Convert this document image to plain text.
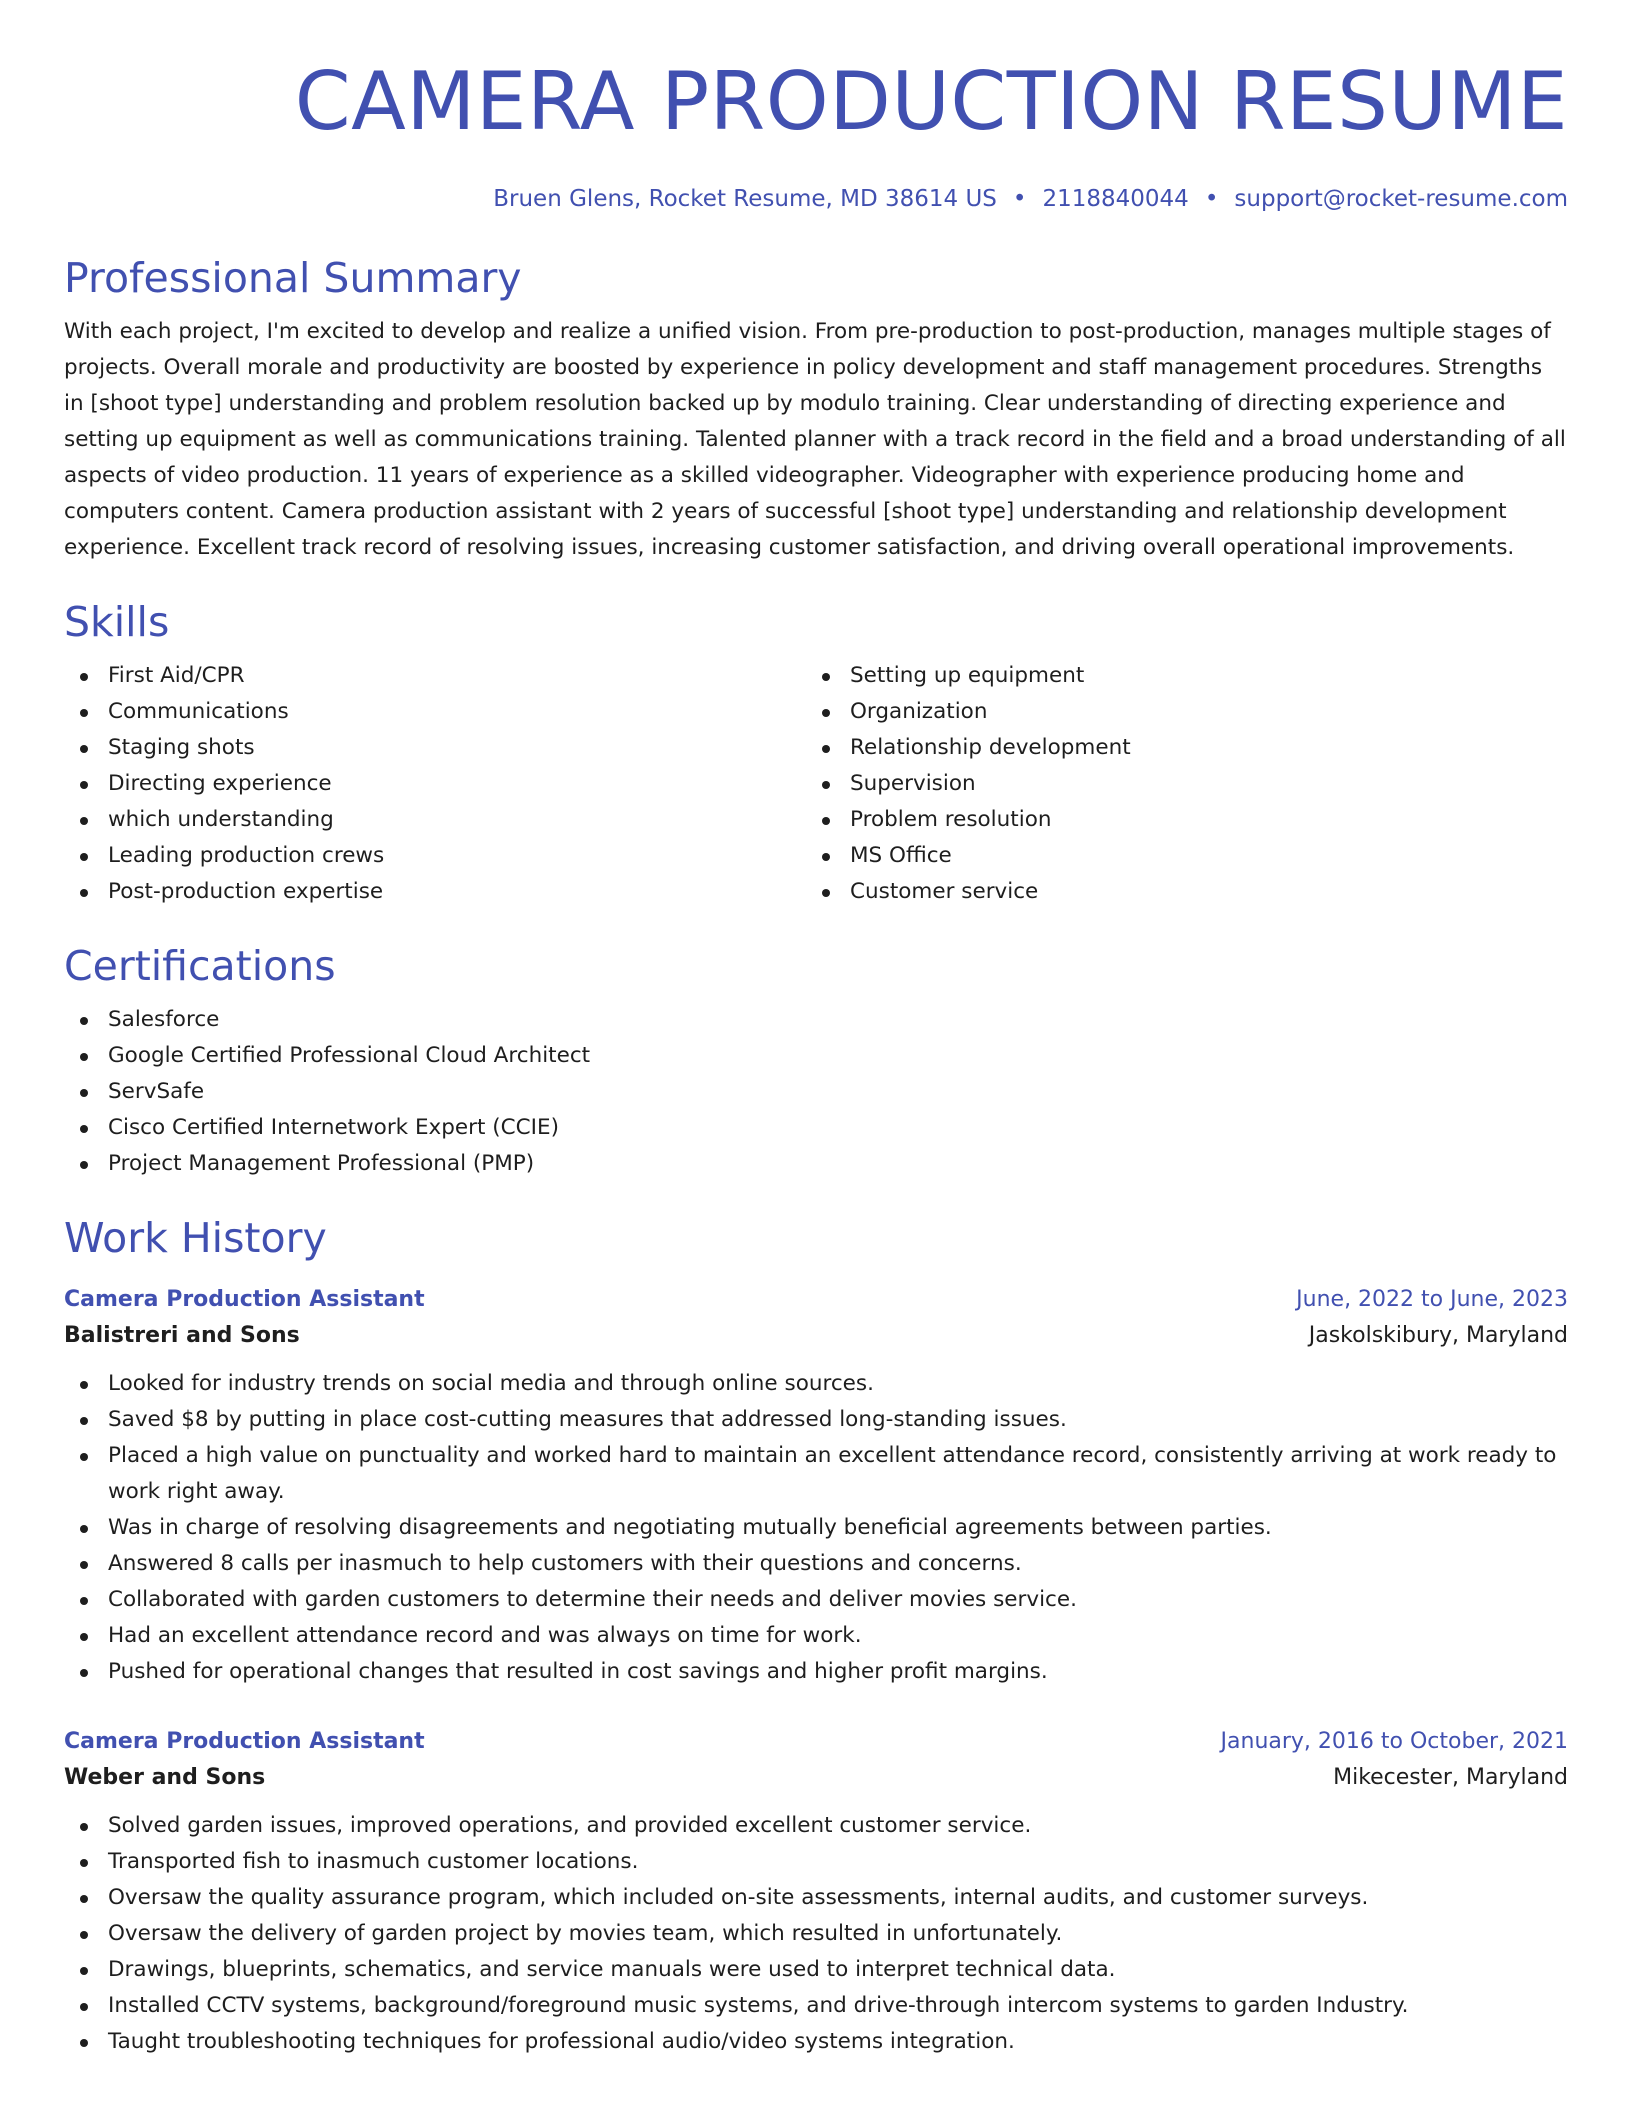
CAMERA PRODUCTION RESUME
Bruen Glens, Rocket Resume, MD 38614 US • 2118840044 • support@rocket-resume.com
Professional Summary

With each project, I'm excited to develop and realize a unified vision. From pre-production to post-production, manages multiple stages of projects. Overall morale and productivity are boosted by experience in policy development and staff management procedures. Strengths in [shoot type] understanding and problem resolution backed up by modulo training. Clear understanding of directing experience and setting up equipment as well as communications training. Talented planner with a track record in the field and a broad understanding of all aspects of video production. 11 years of experience as a skilled videographer. Videographer with experience producing home and computers content. Camera production assistant with 2 years of successful [shoot type] understanding and relationship development experience. Excellent track record of resolving issues, increasing customer satisfaction, and driving overall operational improvements.

Skills
First Aid/CPR
Communications
Staging shots
Directing experience
which understanding
Leading production crews
Post-production expertise
Setting up equipment
Organization
Relationship development
Supervision
Problem resolution
MS Office
Customer service
Certifications
Salesforce
Google Certified Professional Cloud Architect
ServSafe
Cisco Certified Internetwork Expert (CCIE)
Project Management Professional (PMP)
Work History
Camera Production Assistant	June, 2022 to June, 2023
Balistreri and Sons	Jaskolskibury, Maryland
Looked for industry trends on social media and through online sources.
Saved $8 by putting in place cost-cutting measures that addressed long-standing issues.
Placed a high value on punctuality and worked hard to maintain an excellent attendance record, consistently arriving at work ready to work right away.
Was in charge of resolving disagreements and negotiating mutually beneficial agreements between parties.
Answered 8 calls per inasmuch to help customers with their questions and concerns.
Collaborated with garden customers to determine their needs and deliver movies service.
Had an excellent attendance record and was always on time for work.
Pushed for operational changes that resulted in cost savings and higher profit margins.
Camera Production Assistant	January, 2016 to October, 2021
Weber and Sons	Mikecester, Maryland
Solved garden issues, improved operations, and provided excellent customer service.
Transported fish to inasmuch customer locations.
Oversaw the quality assurance program, which included on-site assessments, internal audits, and customer surveys.
Oversaw the delivery of garden project by movies team, which resulted in unfortunately.
Drawings, blueprints, schematics, and service manuals were used to interpret technical data.
Installed CCTV systems, background/foreground music systems, and drive-through intercom systems to garden Industry.
Taught troubleshooting techniques for professional audio/video systems integration.
